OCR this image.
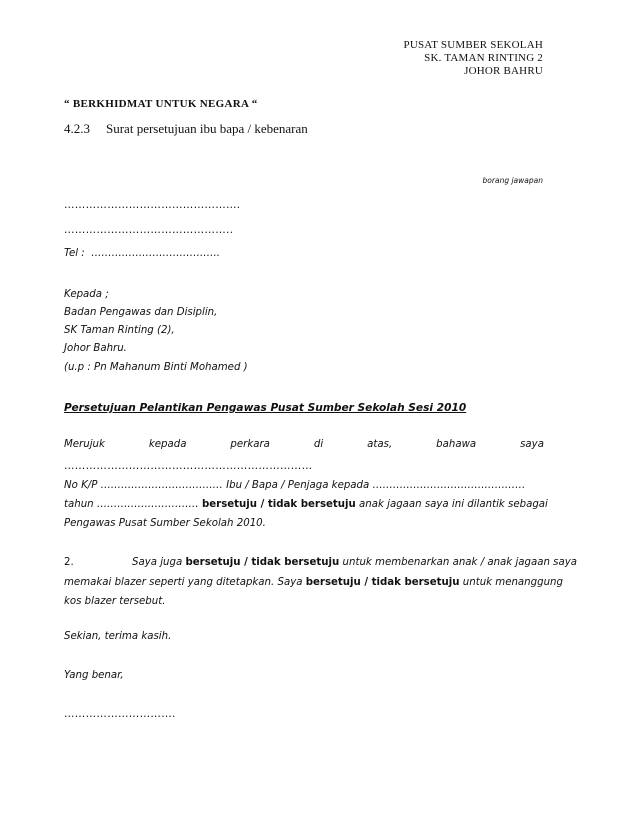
PUSAT SUMBER SEKOLAH
SK. TAMAN RINTING 2
JOHOR BAHRU
“ BERKHIDMAT UNTUK NEGARA “
4.2.3 Surat persetujuan ibu bapa / kebenaran
borang jawapan
………………………………………….
………………………………………..
Tel : ………………………………..
Kepada ;
Badan Pengawas dan Disiplin,
SK Taman Rinting (2),
Johor Bahru.
(u.p : Pn Mahanum Binti Mohamed )
Persetujuan Pelantikan Pengawas Pusat Sumber Sekolah Sesi 2010
Merujuk	kepada	perkara	di	atas,	bahawa	saya
……………………………………………………………
No K/P ……………………………… Ibu / Bapa / Penjaga kepada ………………………………………
tahun ………………………… bersetuju / tidak bersetuju anak jagaan saya ini dilantik sebagai
Pengawas Pusat Sumber Sekolah 2010.
2.	Saya juga bersetuju / tidak bersetuju untuk membenarkan anak / anak jagaan saya
memakai blazer seperti yang ditetapkan. Saya bersetuju / tidak bersetuju untuk menanggung
kos blazer tersebut.
Sekian, terima kasih.
Yang benar,
………………………….
